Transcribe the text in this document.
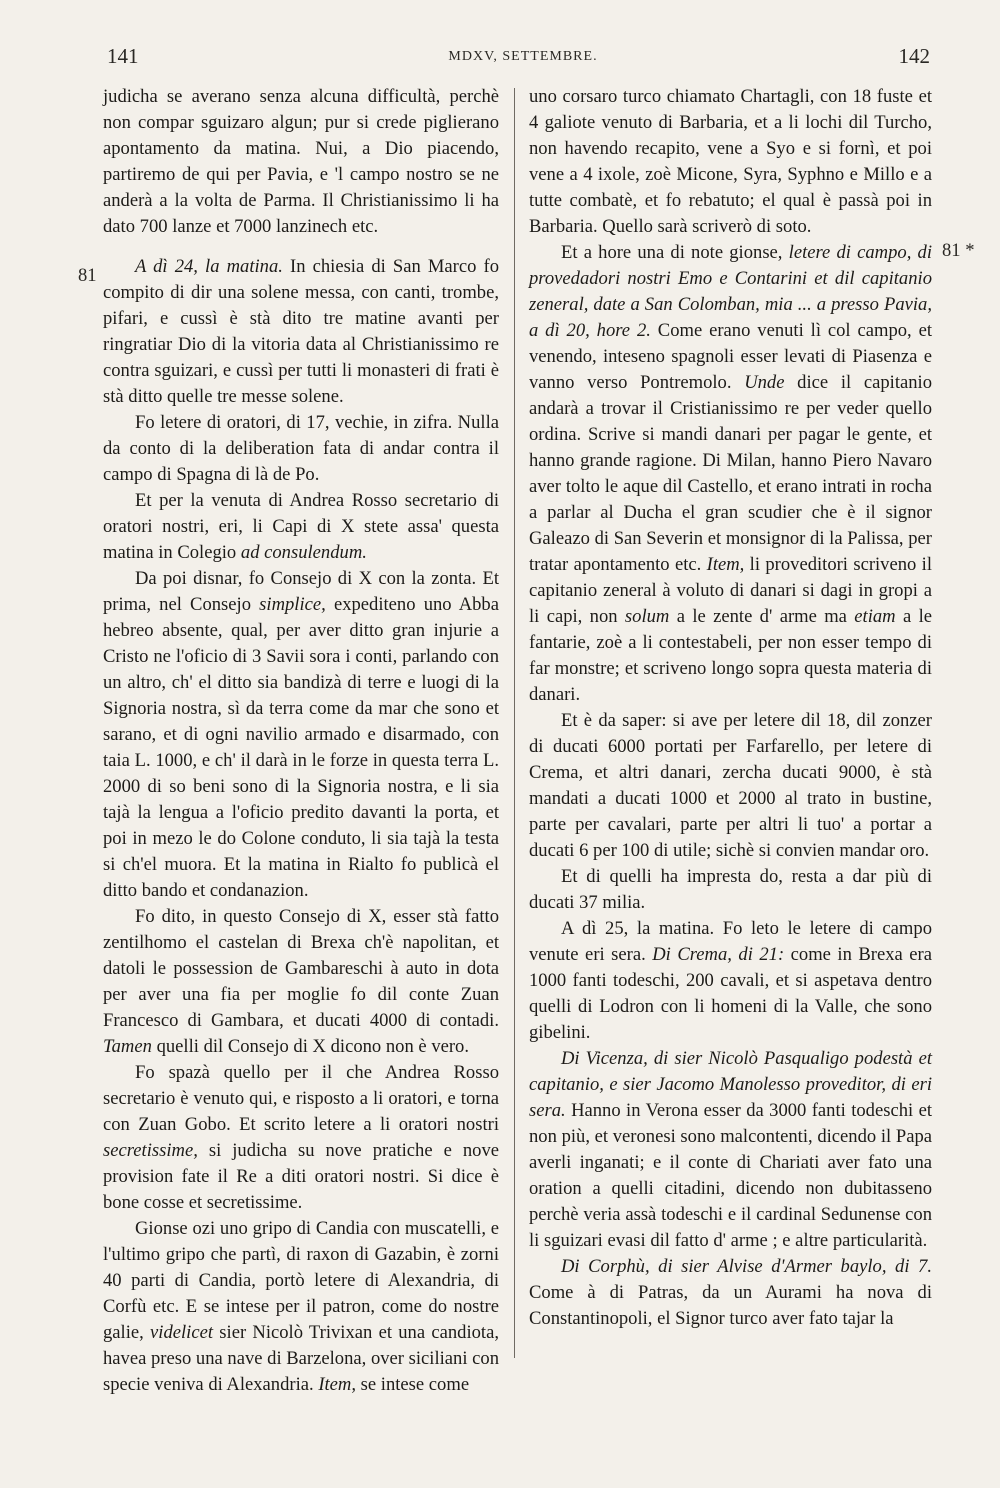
141	MDXV, SETTEMBRE.	142
81
81 *

judicha se averano senza alcuna difficultà, perchè non compar sguizaro algun; pur si crede piglierano apontamento da matina. Nui, a Dio piacendo, partiremo de qui per Pavia, e 'l campo nostro se ne anderà a la volta de Parma. Il Christianissimo li ha dato 700 lanze et 7000 lanzinech etc.

A dì 24, la matina. In chiesia di San Marco fo compito di dir una solene messa, con canti, trombe, pifari, e cussì è stà dito tre matine avanti per ringratiar Dio di la vitoria data al Christianissimo re contra sguizari, e cussì per tutti li monasteri di frati è stà ditto quelle tre messe solene.

Fo letere di oratori, di 17, vechie, in zifra. Nulla da conto di la deliberation fata di andar contra il campo di Spagna di là de Po.

Et per la venuta di Andrea Rosso secretario di oratori nostri, eri, li Capi di X stete assa' questa matina in Colegio ad consulendum.

Da poi disnar, fo Consejo di X con la zonta. Et prima, nel Consejo simplice, expediteno uno Abba hebreo absente, qual, per aver ditto gran injurie a Cristo ne l'oficio di 3 Savii sora i conti, parlando con un altro, ch' el ditto sia bandizà di terre e luogi di la Signoria nostra, sì da terra come da mar che sono et sarano, et di ogni navilio armado e disarmado, con taia L. 1000, e ch' il darà in le forze in questa terra L. 2000 di so beni sono di la Signoria nostra, e li sia tajà la lengua a l'oficio predito davanti la porta, et poi in mezo le do Colone conduto, li sia tajà la testa si ch'el muora. Et la matina in Rialto fo publicà el ditto bando et condanazion.

Fo dito, in questo Consejo di X, esser stà fatto zentilhomo el castelan di Brexa ch'è napolitan, et datoli le possession de Gambareschi à auto in dota per aver una fia per moglie fo dil conte Zuan Francesco di Gambara, et ducati 4000 di contadi. Tamen quelli dil Consejo di X dicono non è vero.

Fo spazà quello per il che Andrea Rosso secretario è venuto qui, e risposto a li oratori, e torna con Zuan Gobo. Et scrito letere a li oratori nostri secretissime, si judicha su nove pratiche e nove provision fate il Re a diti oratori nostri. Si dice è bone cosse et secretissime.

Gionse ozi uno gripo di Candia con muscatelli, e l'ultimo gripo che partì, di raxon di Gazabin, è zorni 40 parti di Candia, portò letere di Alexandria, di Corfù etc. E se intese per il patron, come do nostre galie, videlicet sier Nicolò Trivixan et una candiota, havea preso una nave di Barzelona, over siciliani con specie veniva di Alexandria. Item, se intese come

uno corsaro turco chiamato Chartagli, con 18 fuste et 4 galiote venuto di Barbaria, et a li lochi dil Turcho, non havendo recapito, vene a Syo e si fornì, et poi vene a 4 ixole, zoè Micone, Syra, Syphno e Millo e a tutte combatè, et fo rebatuto; el qual è passà poi in Barbaria. Quello sarà scriverò di soto.

Et a hore una di note gionse, letere di campo, di provedadori nostri Emo e Contarini et dil capitanio zeneral, date a San Colomban, mia ... a presso Pavia, a dì 20, hore 2. Come erano venuti lì col campo, et venendo, inteseno spagnoli esser levati di Piasenza e vanno verso Pontremolo. Unde dice il capitanio andarà a trovar il Cristianissimo re per veder quello ordina. Scrive si mandi danari per pagar le gente, et hanno grande ragione. Di Milan, hanno Piero Navaro aver tolto le aque dil Castello, et erano intrati in rocha a parlar al Ducha el gran scudier che è il signor Galeazo di San Severin et monsignor di la Palissa, per tratar apontamento etc. Item, li proveditori scriveno il capitanio zeneral à voluto di danari si dagi in gropi a li capi, non solum a le zente d' arme ma etiam a le fantarie, zoè a li contestabeli, per non esser tempo di far monstre; et scriveno longo sopra questa materia di danari.

Et è da saper: si ave per letere dil 18, dil zonzer di ducati 6000 portati per Farfarello, per letere di Crema, et altri danari, zercha ducati 9000, è stà mandati a ducati 1000 et 2000 al trato in bustine, parte per cavalari, parte per altri li tuo' a portar a ducati 6 per 100 di utile; sichè si convien mandar oro.

Et di quelli ha impresta do, resta a dar più di ducati 37 milia.

A dì 25, la matina. Fo leto le letere di campo venute eri sera. Di Crema, di 21: come in Brexa era 1000 fanti todeschi, 200 cavali, et si aspetava dentro quelli di Lodron con li homeni di la Valle, che sono gibelini.

Di Vicenza, di sier Nicolò Pasqualigo podestà et capitanio, e sier Jacomo Manolesso proveditor, di eri sera. Hanno in Verona esser da 3000 fanti todeschi et non più, et veronesi sono malcontenti, dicendo il Papa averli inganati; e il conte di Chariati aver fato una oration a quelli citadini, dicendo non dubitasseno perchè veria assà todeschi e il cardinal Sedunense con li sguizari evasi dil fatto d' arme ; e altre particularità.

Di Corphù, di sier Alvise d'Armer baylo, di 7. Come à di Patras, da un Aurami ha nova di Constantinopoli, el Signor turco aver fato tajar la
